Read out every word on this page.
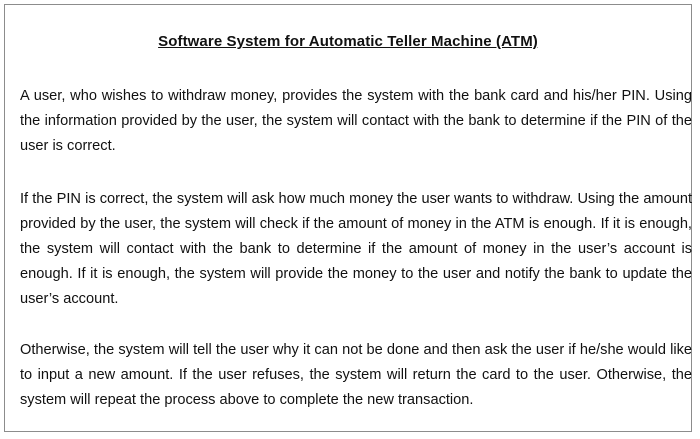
Software System for Automatic Teller Machine (ATM)

A user, who wishes to withdraw money, provides the system with the bank card and his/her PIN. Using the information provided by the user, the system will contact with the bank to determine if the PIN of the user is correct.

If the PIN is correct, the system will ask how much money the user wants to withdraw. Using the amount provided by the user, the system will check if the amount of money in the ATM is enough. If it is enough, the system will contact with the bank to determine if the amount of money in the user’s account is enough. If it is enough, the system will provide the money to the user and notify the bank to update the user’s account.

Otherwise, the system will tell the user why it can not be done and then ask the user if he/she would like to input a new amount. If the user refuses, the system will return the card to the user. Otherwise, the system will repeat the process above to complete the new transaction.
